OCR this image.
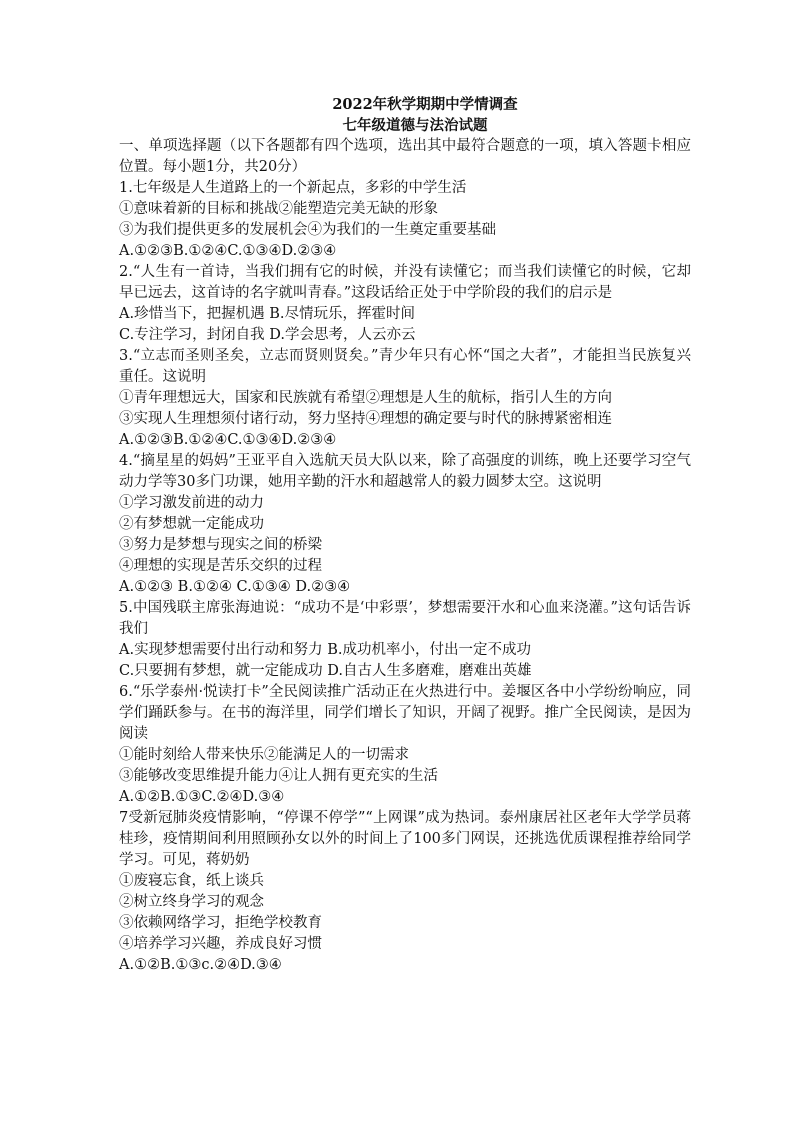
2022年秋学期期中学情调查
七年级道德与法治试题
一、单项选择题（以下各题都有四个选项，选出其中最符合题意的一项，填入答题卡相应位置。每小题1分，共20分）
1.七年级是人生道路上的一个新起点，多彩的中学生活
①意味着新的目标和挑战②能塑造完美无缺的形象
③为我们提供更多的发展机会④为我们的一生奠定重要基础
A.①②③B.①②④C.①③④D.②③④
2.“人生有一首诗，当我们拥有它的时候，并没有读懂它；而当我们读懂它的时候，它却早已远去，这首诗的名字就叫青春。”这段话给正处于中学阶段的我们的启示是
A.珍惜当下，把握机遇 B.尽情玩乐，挥霍时间
C.专注学习，封闭自我 D.学会思考，人云亦云
3.“立志而圣则圣矣，立志而贤则贤矣。”青少年只有心怀“国之大者”，才能担当民族复兴重任。这说明
①青年理想远大，国家和民族就有希望②理想是人生的航标，指引人生的方向
③实现人生理想须付诸行动，努力坚持④理想的确定要与时代的脉搏紧密相连
A.①②③B.①②④C.①③④D.②③④
4.“摘星星的妈妈”王亚平自入选航天员大队以来，除了高强度的训练，晚上还要学习空气动力学等30多门功课，她用辛勤的汗水和超越常人的毅力圆梦太空。这说明
①学习激发前进的动力
②有梦想就一定能成功
③努力是梦想与现实之间的桥梁
④理想的实现是苦乐交织的过程
A.①②③ B.①②④ C.①③④ D.②③④
5.中国残联主席张海迪说：“成功不是‘中彩票’，梦想需要汗水和心血来浇灌。”这句话告诉我们
A.实现梦想需要付出行动和努力 B.成功机率小，付出一定不成功
C.只要拥有梦想，就一定能成功 D.自古人生多磨难，磨难出英雄
6.“乐学泰州·悦读打卡”全民阅读推广活动正在火热进行中。姜堰区各中小学纷纷响应，同学们踊跃参与。在书的海洋里，同学们增长了知识，开阔了视野。推广全民阅读，是因为阅读
①能时刻给人带来快乐②能满足人的一切需求
③能够改变思维提升能力④让人拥有更充实的生活
A.①②B.①③C.②④D.③④
7受新冠肺炎疫情影响，“停课不停学”“上网课”成为热词。泰州康居社区老年大学学员蒋桂珍，疫情期间利用照顾孙女以外的时间上了100多门网误，还挑选优质课程推荐给同学学习。可见，蒋奶奶
①废寝忘食，纸上谈兵
②树立终身学习的观念
③依赖网络学习，拒绝学校教育
④培养学习兴趣，养成良好习惯
A.①②B.①③c.②④D.③④
